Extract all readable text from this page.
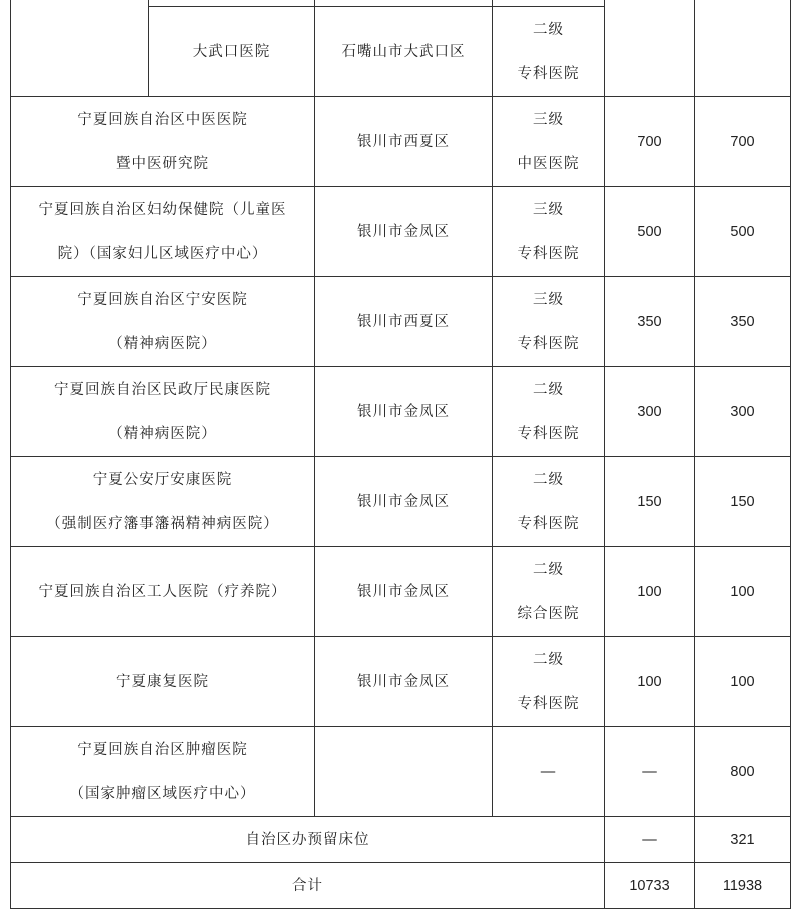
	大武口医院	石嘴山市大武口区	二级
专科医院		

宁夏回族自治区中医医院
暨中医研究院		银川市西夏区	三级
中医医院	700	700

宁夏回族自治区妇幼保健院（儿童医
院）（国家妇儿区域医疗中心）		银川市金凤区	三级
专科医院	500	500

宁夏回族自治区宁安医院
（精神病医院）		银川市西夏区	三级
专科医院	350	350

宁夏回族自治区民政厅民康医院
（精神病医院）		银川市金凤区	二级
专科医院	300	300

宁夏公安厅安康医院
（强制医疗籓事籓祸精神病医院）		银川市金凤区	二级
专科医院	150	150

宁夏回族自治区工人医院（疗养院）		银川市金凤区	二级
综合医院	100	100

宁夏康复医院		银川市金凤区	二级
专科医院	100	100

宁夏回族自治区肿瘤医院
（国家肿瘤区域医疗中心）			—	—	800
自治区办预留床位				—	321
合计				10733	11938
